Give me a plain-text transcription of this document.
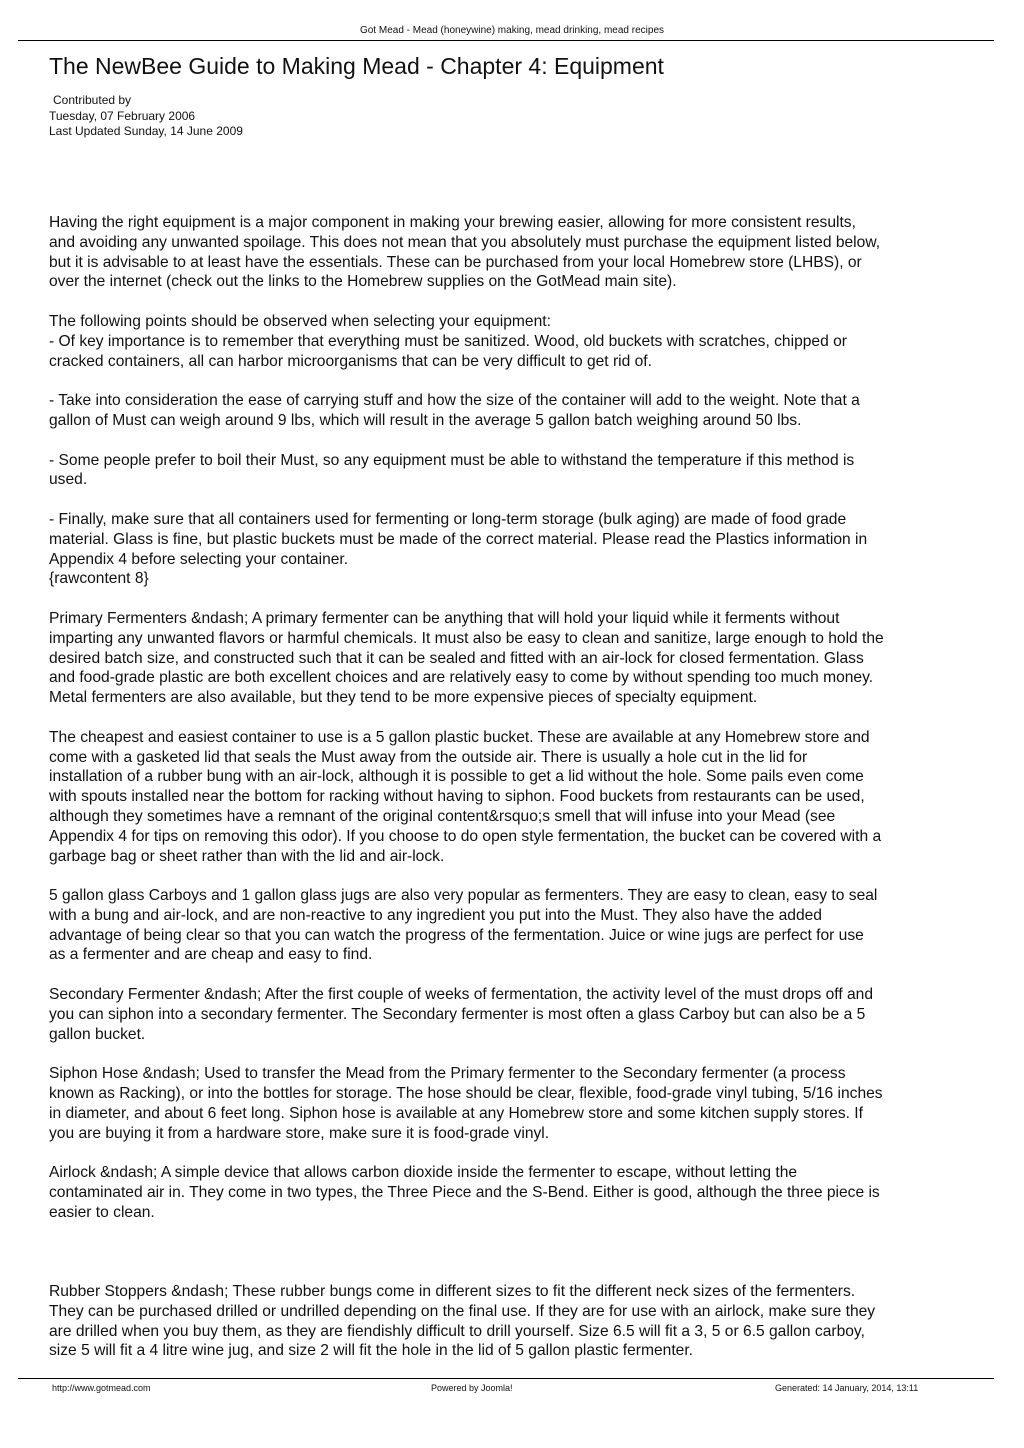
Got Mead - Mead (honeywine) making, mead drinking, mead recipes
The NewBee Guide to Making Mead - Chapter 4: Equipment
Contributed by
Tuesday, 07 February 2006
Last Updated Sunday, 14 June 2009

Having the right equipment is a major component in making your brewing easier, allowing for more consistent results,
and avoiding any unwanted spoilage. This does not mean that you absolutely must purchase the equipment listed below,
but it is advisable to at least have the essentials. These can be purchased from your local Homebrew store (LHBS), or
over the internet (check out the links to the Homebrew supplies on the GotMead main site).

The following points should be observed when selecting your equipment:
- Of key importance is to remember that everything must be sanitized. Wood, old buckets with scratches, chipped or
cracked containers, all can harbor microorganisms that can be very difficult to get rid of.

- Take into consideration the ease of carrying stuff and how the size of the container will add to the weight. Note that a
gallon of Must can weigh around 9 lbs, which will result in the average 5 gallon batch weighing around 50 lbs.

- Some people prefer to boil their Must, so any equipment must be able to withstand the temperature if this method is
used.

- Finally, make sure that all containers used for fermenting or long-term storage (bulk aging) are made of food grade
material. Glass is fine, but plastic buckets must be made of the correct material. Please read the Plastics information in
Appendix 4 before selecting your container.
{rawcontent 8}

Primary Fermenters &ndash; A primary fermenter can be anything that will hold your liquid while it ferments without
imparting any unwanted flavors or harmful chemicals. It must also be easy to clean and sanitize, large enough to hold the
desired batch size, and constructed such that it can be sealed and fitted with an air-lock for closed fermentation. Glass
and food-grade plastic are both excellent choices and are relatively easy to come by without spending too much money.
Metal fermenters are also available, but they tend to be more expensive pieces of specialty equipment.

The cheapest and easiest container to use is a 5 gallon plastic bucket. These are available at any Homebrew store and
come with a gasketed lid that seals the Must away from the outside air. There is usually a hole cut in the lid for
installation of a rubber bung with an air-lock, although it is possible to get a lid without the hole. Some pails even come
with spouts installed near the bottom for racking without having to siphon. Food buckets from restaurants can be used,
although they sometimes have a remnant of the original content&rsquo;s smell that will infuse into your Mead (see
Appendix 4 for tips on removing this odor). If you choose to do open style fermentation, the bucket can be covered with a
garbage bag or sheet rather than with the lid and air-lock.

5 gallon glass Carboys and 1 gallon glass jugs are also very popular as fermenters. They are easy to clean, easy to seal
with a bung and air-lock, and are non-reactive to any ingredient you put into the Must. They also have the added
advantage of being clear so that you can watch the progress of the fermentation. Juice or wine jugs are perfect for use
as a fermenter and are cheap and easy to find.

Secondary Fermenter &ndash; After the first couple of weeks of fermentation, the activity level of the must drops off and
you can siphon into a secondary fermenter. The Secondary fermenter is most often a glass Carboy but can also be a 5
gallon bucket.

Siphon Hose &ndash; Used to transfer the Mead from the Primary fermenter to the Secondary fermenter (a process
known as Racking), or into the bottles for storage. The hose should be clear, flexible, food-grade vinyl tubing, 5/16 inches
in diameter, and about 6 feet long. Siphon hose is available at any Homebrew store and some kitchen supply stores. If
you are buying it from a hardware store, make sure it is food-grade vinyl.

Airlock &ndash; A simple device that allows carbon dioxide inside the fermenter to escape, without letting the
contaminated air in. They come in two types, the Three Piece and the S-Bend. Either is good, although the three piece is
easier to clean.

Rubber Stoppers &ndash; These rubber bungs come in different sizes to fit the different neck sizes of the fermenters.
They can be purchased drilled or undrilled depending on the final use. If they are for use with an airlock, make sure they
are drilled when you buy them, as they are fiendishly difficult to drill yourself. Size 6.5 will fit a 3, 5 or 6.5 gallon carboy,
size 5 will fit a 4 litre wine jug, and size 2 will fit the hole in the lid of 5 gallon plastic fermenter.

http://www.gotmead.com	Powered by Joomla!	Generated: 14 January, 2014, 13:11
